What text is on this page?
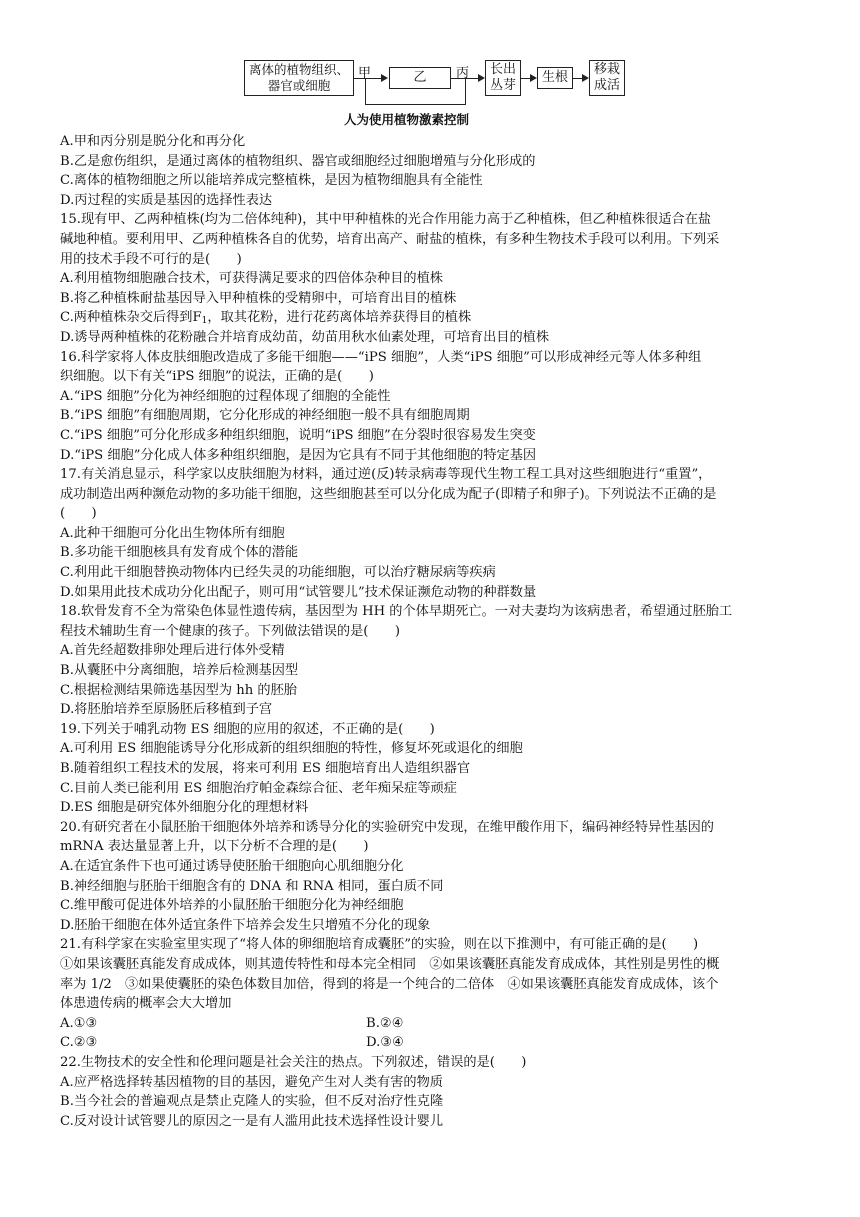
离体的植物组织、
器官或细胞
甲	乙 丙 长出
丛芽
生根
移栽
成活
人为使用植物激素控制
A.甲和丙分别是脱分化和再分化
B.乙是愈伤组织，是通过离体的植物组织、器官或细胞经过细胞增殖与分化形成的
C.离体的植物细胞之所以能培养成完整植株，是因为植物细胞具有全能性
D.丙过程的实质是基因的选择性表达
15.现有甲、乙两种植株(均为二倍体纯种)，其中甲种植株的光合作用能力高于乙种植株，但乙种植株很适合在盐
碱地种植。要利用甲、乙两种植株各自的优势，培育出高产、耐盐的植株，有多种生物技术手段可以利用。下列采
用的技术手段不可行的是(　　)
A.利用植物细胞融合技术，可获得满足要求的四倍体杂种目的植株
B.将乙种植株耐盐基因导入甲种植株的受精卵中，可培育出目的植株
C.两种植株杂交后得到$F_1$，取其花粉，进行花药离体培养获得目的植株
D.诱导两种植株的花粉融合并培育成幼苗，幼苗用秋水仙素处理，可培育出目的植株
16.科学家将人体皮肤细胞改造成了多能干细胞——“iPS 细胞”，人类“iPS 细胞”可以形成神经元等人体多种组
织细胞。以下有关“iPS 细胞”的说法，正确的是(　　)
A.“iPS 细胞”分化为神经细胞的过程体现了细胞的全能性
B.“iPS 细胞”有细胞周期，它分化形成的神经细胞一般不具有细胞周期
C.“iPS 细胞”可分化形成多种组织细胞，说明“iPS 细胞”在分裂时很容易发生突变
D.“iPS 细胞”分化成人体多种组织细胞，是因为它具有不同于其他细胞的特定基因
17.有关消息显示，科学家以皮肤细胞为材料，通过逆(反)转录病毒等现代生物工程工具对这些细胞进行“重置”，
成功制造出两种濒危动物的多功能干细胞，这些细胞甚至可以分化成为配子(即精子和卵子)。下列说法不正确的是
(　　)
A.此种干细胞可分化出生物体所有细胞
B.多功能干细胞核具有发育成个体的潜能
C.利用此干细胞替换动物体内已经失灵的功能细胞，可以治疗糖尿病等疾病
D.如果用此技术成功分化出配子，则可用“试管婴儿”技术保证濒危动物的种群数量
18.软骨发育不全为常染色体显性遗传病，基因型为 HH 的个体早期死亡。一对夫妻均为该病患者，希望通过胚胎工
程技术辅助生育一个健康的孩子。下列做法错误的是(　　)
A.首先经超数排卵处理后进行体外受精
B.从囊胚中分离细胞，培养后检测基因型
C.根据检测结果筛选基因型为 hh 的胚胎
D.将胚胎培养至原肠胚后移植到子宫
19.下列关于哺乳动物 ES 细胞的应用的叙述，不正确的是(　　)
A.可利用 ES 细胞能诱导分化形成新的组织细胞的特性，修复坏死或退化的细胞
B.随着组织工程技术的发展，将来可利用 ES 细胞培育出人造组织器官
C.目前人类已能利用 ES 细胞治疗帕金森综合征、老年痴呆症等顽症
D.ES 细胞是研究体外细胞分化的理想材料
20.有研究者在小鼠胚胎干细胞体外培养和诱导分化的实验研究中发现，在维甲酸作用下，编码神经特异性基因的
mRNA 表达量显著上升，以下分析不合理的是(　　)
A.在适宜条件下也可通过诱导使胚胎干细胞向心肌细胞分化
B.神经细胞与胚胎干细胞含有的 DNA 和 RNA 相同，蛋白质不同
C.维甲酸可促进体外培养的小鼠胚胎干细胞分化为神经细胞
D.胚胎干细胞在体外适宜条件下培养会发生只增殖不分化的现象
21.有科学家在实验室里实现了“将人体的卵细胞培育成囊胚”的实验，则在以下推测中，有可能正确的是(　　)
①如果该囊胚真能发育成成体，则其遗传特性和母本完全相同　②如果该囊胚真能发育成成体，其性别是男性的概
率为 1/2　③如果使囊胚的染色体数目加倍，得到的将是一个纯合的二倍体　④如果该囊胚真能发育成成体，该个
体患遗传病的概率会大大增加
A.①③	B.②④
C.②③	D.③④
22.生物技术的安全性和伦理问题是社会关注的热点。下列叙述，错误的是(　　)
A.应严格选择转基因植物的目的基因，避免产生对人类有害的物质
B.当今社会的普遍观点是禁止克隆人的实验，但不反对治疗性克隆
C.反对设计试管婴儿的原因之一是有人滥用此技术选择性设计婴儿
